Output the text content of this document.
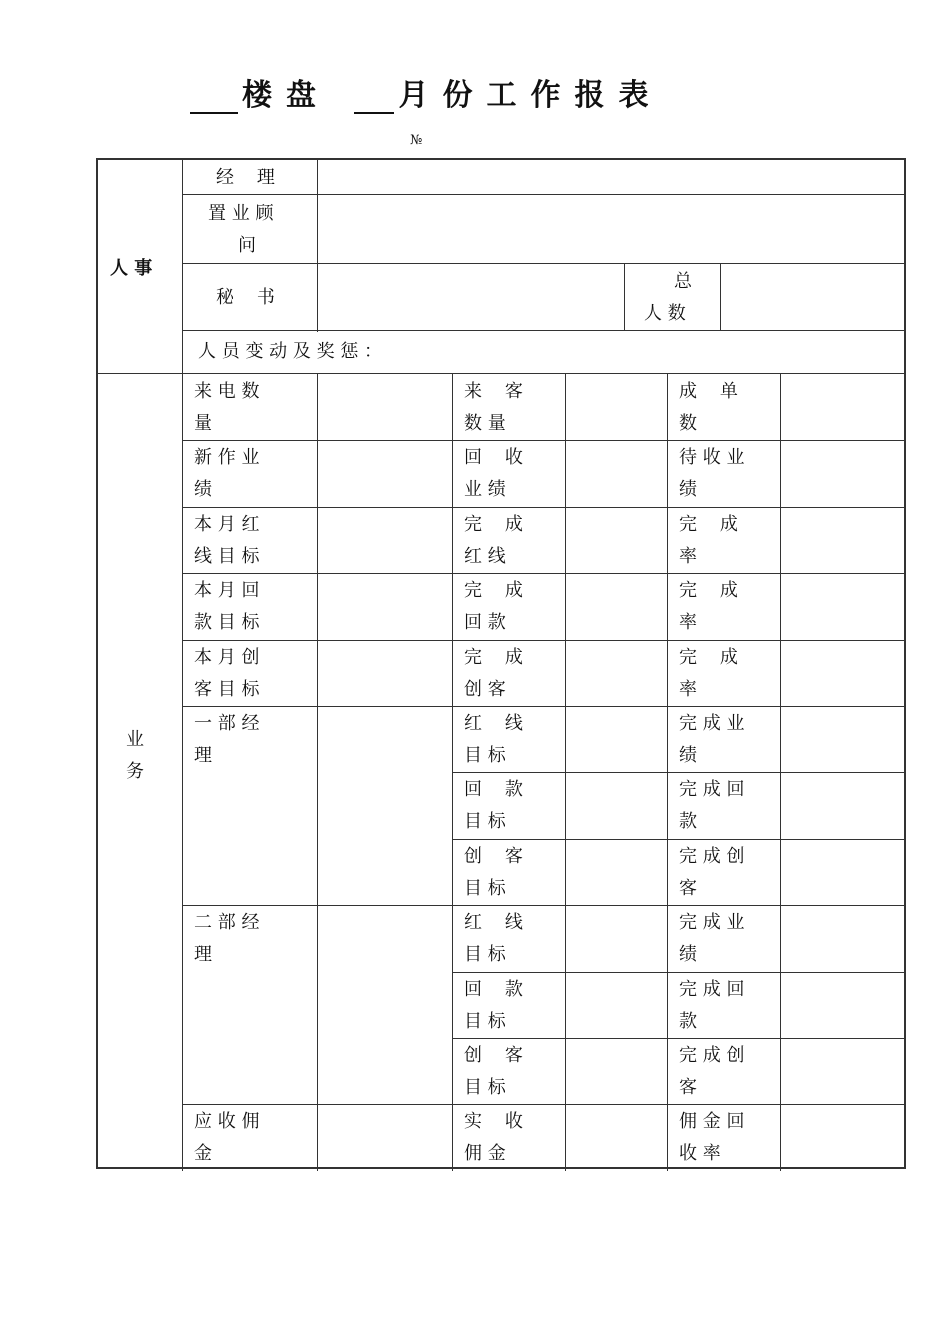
楼盘 月份工作报表
№
人 事
经    理
置 业 顾
问
秘    书
总
人 数
人 员 变 动 及 奖 惩 ：
业
务
来 电 数
量
来    客
数 量
成    单
数
新 作 业
绩
回    收
业 绩
待 收 业
绩
本 月 红
线 目 标
完    成
红 线
完    成
率
本 月 回
款 目 标
完    成
回 款
完    成
率
本 月 创
客 目 标
完    成
创 客
完    成
率
一 部 经
理
红    线
目 标
完 成 业
绩
回    款
目 标
完 成 回
款
创    客
目 标
完 成 创
客
二 部 经
理
红    线
目 标
完 成 业
绩
回    款
目 标
完 成 回
款
创    客
目 标
完 成 创
客
应 收 佣
金
实    收
佣 金
佣 金 回
收 率
